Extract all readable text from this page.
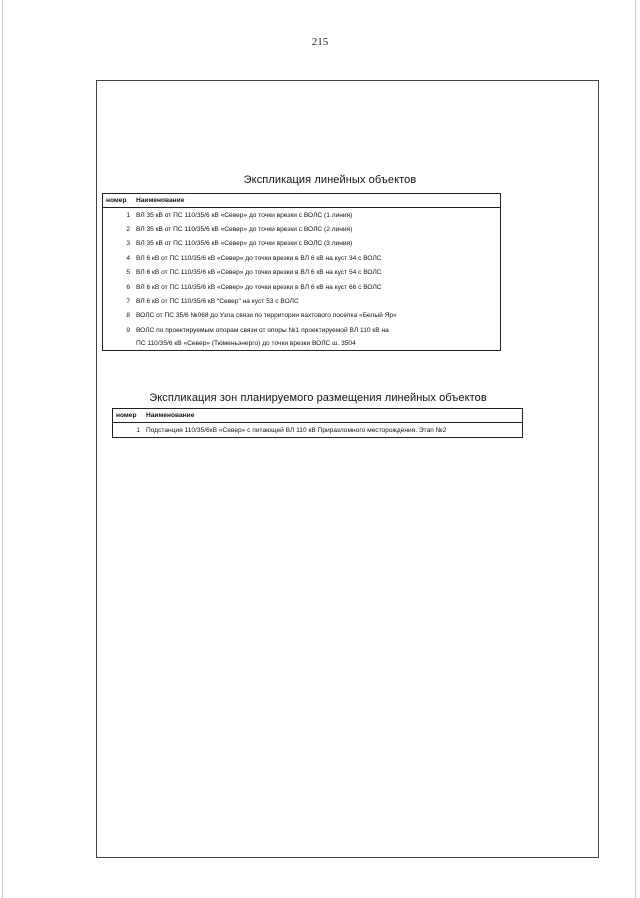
215
Экспликация линейных объектов
номер	Наименование
1	ВЛ 35 кВ от ПС 110/35/6 кВ «Север» до точки врезки с ВОЛС (1 линия)
2	ВЛ 35 кВ от ПС 110/35/6 кВ «Север» до точки врезки с ВОЛС (2 линия)
3	ВЛ 35 кВ от ПС 110/35/6 кВ «Север» до точки врезки с ВОЛС (3 линия)
4	ВЛ 6 кВ от ПС 110/35/6 кВ «Север» до точки врезки в ВЛ 6 кВ на куст 34 с ВОЛС
5	ВЛ 6 кВ от ПС 110/35/6 кВ «Север» до точки врезки в ВЛ 6 кВ на куст 54 с ВОЛС
6	ВЛ 6 кВ от ПС 110/35/6 кВ «Север» до точки врезки в ВЛ 6 кВ на куст 66 с ВОЛС
7	ВЛ 6 кВ от ПС 110/35/6 кВ "Север" на куст 53 с ВОЛС
8	ВОЛС от ПС 35/6 №068 до Узла связи по территории вахтового поселка «Белый Яр»
9	ВОЛС по проектируемым опорам связи от опоры №1 проектируемой ВЛ 110 кВ на
	ПС 110/35/6 кВ «Север» (Тюменьэнерго) до точки врезки ВОЛС ш. 3504
Экспликация зон планируемого размещения линейных объектов
номер	Наименование
1	Подстанция 110/35/6кВ «Север» с питающей ВЛ 110 кВ Приразломного месторождения. Этап №2
